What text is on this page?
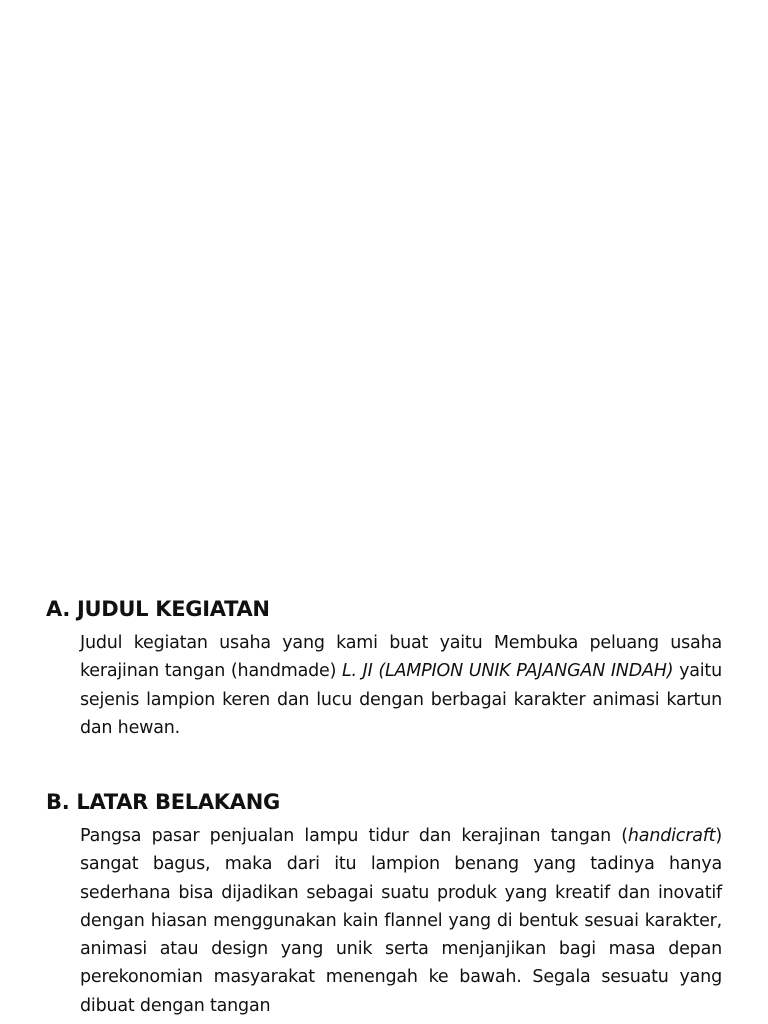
A. JUDUL KEGIATAN

Judul kegiatan usaha yang kami buat yaitu Membuka peluang usaha kerajinan tangan (handmade) L. JI (LAMPION UNIK PAJANGAN INDAH) yaitu sejenis lampion keren dan lucu dengan berbagai karakter animasi kartun dan hewan.

B. LATAR BELAKANG

Pangsa pasar penjualan lampu tidur dan kerajinan tangan (handicraft) sangat bagus, maka dari itu lampion benang yang tadinya hanya sederhana bisa dijadikan sebagai suatu produk yang kreatif dan inovatif dengan hiasan menggunakan kain flannel yang di bentuk sesuai karakter, animasi atau design yang unik serta menjanjikan bagi masa depan perekonomian masyarakat menengah ke bawah. Segala sesuatu yang dibuat dengan tangan
